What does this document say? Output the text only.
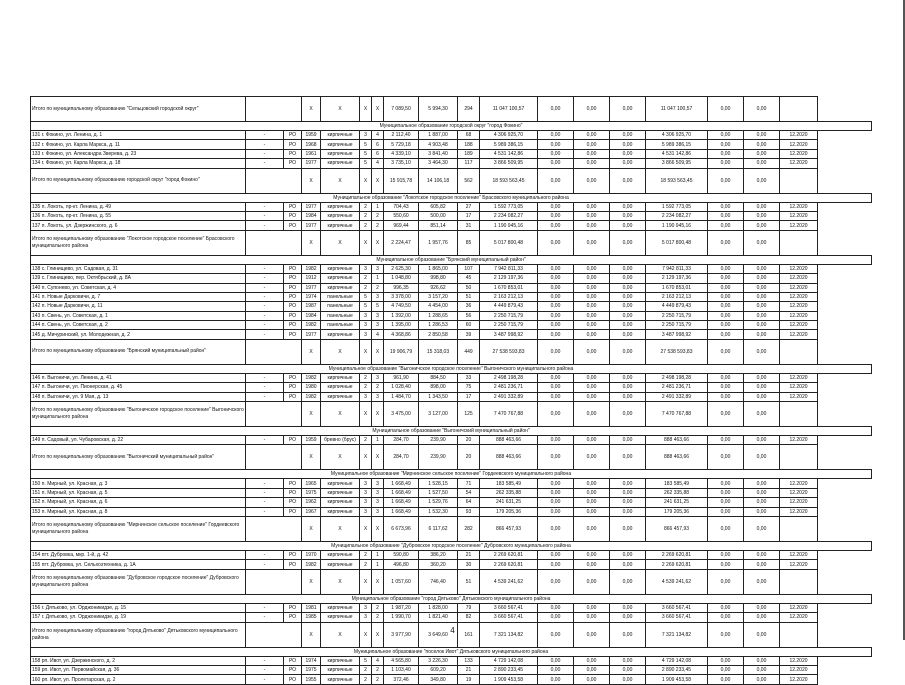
Итого по муниципальному образованию "Сельцовский городской округ"			X	X	X	X	7 089,50	5 994,30	294	11 047 100,57	0,00	0,00	0,00	11 047 100,57	0,00	0,00	
Муниципальное образование городской округ "город Фокино"																	
131 г. Фокино, ул. Ленина, д. 1	-	РО	1959	кирпичные	3	4	2 112,40	1 887,00	68	4 306 925,70	0,00	0,00	0,00	4 306 925,70	0,00	0,00	12.2020
132 г. Фокино, ул. Карла Маркса, д. 11	-	РО	1968	кирпичные	5	6	5 729,18	4 903,48	188	5 989 386,15	0,00	0,00	0,00	5 989 386,15	0,00	0,00	12.2020
133 г. Фокино, ул. Александра Зверева, д. 23	-	РО	1961	кирпичные	5	6	4 339,10	3 841,40	189	4 531 142,86	0,00	0,00	0,00	4 531 142,86	0,00	0,00	12.2020
134 г. Фокино, ул. Карла Маркса, д. 18	-	РО	1977	кирпичные	5	4	3 735,10	3 464,30	117	3 866 509,95	0,00	0,00	0,00	3 866 509,95	0,00	0,00	12.2020
Итого по муниципальному образованию городской округ "город Фокино"			X	X	X	X	15 915,78	14 106,18	562	18 593 563,45	0,00	0,00	0,00	18 593 563,45	0,00	0,00	
Муниципальное образование "Локотское городское поселение" Брасовского муниципального района																	
135 п. Локоть, пр-кт. Ленина, д. 49	-	РО	1977	кирпичные	2	1	704,43	605,82	27	1 592 773,05	0,00	0,00	0,00	1 592 773,05	0,00	0,00	12.2020
136 п. Локоть, пр-кт. Ленина, д. 55	-	РО	1984	кирпичные	2	2	550,60	500,00	17	2 234 082,27	0,00	0,00	0,00	2 234 082,27	0,00	0,00	12.2020
137 п. Локоть, ул. Дзержинского, д. 6	-	РО	1977	кирпичные	2	2	969,44	851,14	31	1 190 945,16	0,00	0,00	0,00	1 190 945,16	0,00	0,00	12.2020
Итого по муниципальному образованию "Локотское городское поселение" Брасовского муниципального района			X	X	X	X	2 224,47	1 957,76	85	5 017 800,48	0,00	0,00	0,00	5 017 800,48	0,00	0,00	
Муниципальное образование "Брянский муниципальный район"																	
138 с. Глинищево, ул. Садовая, д. 31	-	РО	1982	кирпичные	3	3	2 625,30	1 865,00	107	7 942 811,33	0,00	0,00	0,00	7 942 811,33	0,00	0,00	12.2020
139 с. Глинищево, пер. Октябрьский, д. 8А	-	РО	1912	кирпичные	2	1	1 048,80	998,80	45	2 129 197,36	0,00	0,00	0,00	2 129 197,36	0,00	0,00	12.2020
140 п. Супонево, ул. Советская, д. 4	-	РО	1977	кирпичные	2	2	996,35	926,62	50	1 670 853,01	0,00	0,00	0,00	1 670 853,01	0,00	0,00	12.2020
141 п. Новые Дарковичи, д. 7	-	РО	1974	панельные	5	3	3 378,00	3 157,20	51	2 163 212,13	0,00	0,00	0,00	2 163 212,13	0,00	0,00	12.2020
142 п. Новые Дарковичи, д. 11	-	РО	1987	панельные	5	5	4 749,50	4 454,00	36	4 449 879,43	0,00	0,00	0,00	4 449 879,43	0,00	0,00	12.2020
143 п. Свень, ул. Советская, д. 1	-	РО	1984	панельные	3	3	1 392,00	1 288,65	56	2 250 715,79	0,00	0,00	0,00	2 250 715,79	0,00	0,00	12.2020
144 п. Свень, ул. Советская, д. 2	-	РО	1982	панельные	3	3	1 395,00	1 286,53	60	2 250 715,79	0,00	0,00	0,00	2 250 715,79	0,00	0,00	12.2020
145 д. Мичуринский, ул. Молодежная, д. 2	-	РО	1977	кирпичные	3	4	4 368,86	2 850,58	39	3 487 998,92	0,00	0,00	0,00	3 487 998,92	0,00	0,00	12.2020
Итого по муниципальному образованию "Брянский муниципальный район"			X	X	X	X	19 906,79	15 318,03	449	27 538 593,83	0,00	0,00	0,00	27 538 593,83	0,00	0,00	
Муниципальное образование "Выгоничское городское поселение" Выгоничского муниципального района																	
146 п. Выгоничи, ул. Ленина, д. 41	-	РО	1982	кирпичные	2	3	961,90	884,50	33	2 498 198,28	0,00	0,00	0,00	2 498 198,28	0,00	0,00	12.2020
147 п. Выгоничи, ул. Пионерская, д. 45	-	РО	1980	кирпичные	2	2	1 028,40	898,00	75	2 481 236,71	0,00	0,00	0,00	2 481 236,71	0,00	0,00	12.2020
148 п. Выгоничи, ул. 9 Мая, д. 13	-	РО	1982	кирпичные	3	3	1 484,70	1 343,50	17	2 491 332,89	0,00	0,00	0,00	2 491 332,89	0,00	0,00	12.2020
Итого по муниципальному образованию "Выгоничское городское поселение" Выгоничского муниципального района			X	X	X	X	3 475,00	3 127,00	125	7 470 767,88	0,00	0,00	0,00	7 470 767,88	0,00	0,00	
Муниципальное образование "Выгоничский муниципальный район"																	
149 п. Садовый, ул. Чубаровская, д. 22	-	РО	1959	бревно (брус)	2	1	284,70	239,90	20	888 463,66	0,00	0,00	0,00	888 463,66	0,00	0,00	12.2020
Итого по муниципальному образованию "Выгоничский муниципальный район"			X	X	X	X	284,70	239,90	20	888 463,66	0,00	0,00	0,00	888 463,66	0,00	0,00	
Муниципальное образование "Мирнинское сельское поселение" Гордеевского муниципального района																	
150 п. Мирный, ул. Красная, д. 3	-	РО	1965	кирпичные	3	3	1 668,49	1 528,15	71	183 585,49	0,00	0,00	0,00	183 585,49	0,00	0,00	12.2020
151 п. Мирный, ул. Красная, д. 5	-	РО	1975	кирпичные	3	3	1 668,49	1 527,50	54	262 335,88	0,00	0,00	0,00	262 335,88	0,00	0,00	12.2020
152 п. Мирный, ул. Красная, д. 6	-	РО	1962	кирпичные	3	3	1 668,49	1 529,76	64	241 631,25	0,00	0,00	0,00	241 631,25	0,00	0,00	12.2020
153 п. Мирный, ул. Красная, д. 8	-	РО	1967	кирпичные	3	3	1 668,49	1 532,30	93	179 205,36	0,00	0,00	0,00	179 205,36	0,00	0,00	12.2020
Итого по муниципальному образованию "Мирнинское сельское поселение" Гордеевского муниципального района			X	X	X	X	6 673,96	6 117,62	282	866 457,93	0,00	0,00	0,00	866 457,93	0,00	0,00	
Муниципальное образование "Дубровское городское поселение" Дубровского муниципального района																	
154 пгт. Дубровка, мкр. 1-й, д. 42	-	РО	1970	кирпичные	2	1	590,80	386,20	21	2 269 620,81	0,00	0,00	0,00	2 269 620,81	0,00	0,00	12.2020
155 пгт. Дубровка, ул. Сельхозтехника, д. 1А	-	РО	1982	кирпичные	2	1	496,80	360,20	30	2 269 620,81	0,00	0,00	0,00	2 269 620,81	0,00	0,00	12.2020
Итого по муниципальному образованию "Дубровское городское поселение" Дубровского муниципального района			X	X	X	X	1 057,60	746,40	51	4 539 241,62	0,00	0,00	0,00	4 539 241,62	0,00	0,00	
Муниципальное образование "город Дятьково" Дятьковского муниципального района																	
156 г. Дятьково, ул. Орджоникидзе, д. 15	-	РО	1981	кирпичные	3	2	1 987,20	1 828,00	79	3 660 567,41	0,00	0,00	0,00	3 660 567,41	0,00	0,00	12.2020
157 г. Дятьково, ул. Орджоникидзе, д. 19	-	РО	1985	кирпичные	3	2	1 990,70	1 821,40	82	3 660 567,41	0,00	0,00	0,00	3 660 567,41	0,00	0,00	12.2020
Итого по муниципальному образованию "город Дятьково" Дятьковского муниципального района			X	X	X	X	3 977,90	3 649,60	161	7 321 134,82	0,00	0,00	0,00	7 321 134,82	0,00	0,00	
Муниципальное образование "поселок Ивот" Дятьковского муниципального района																	
158 рп. Ивот, ул. Дзержинского, д. 2	-	РО	1974	кирпичные	5	4	4 565,80	3 226,30	133	4 729 142,08	0,00	0,00	0,00	4 729 142,08	0,00	0,00	12.2020
159 рп. Ивот, ул. Первомайская, д. 36	-	РО	1975	кирпичные	2	2	1 103,40	609,20	21	2 890 233,45	0,00	0,00	0,00	2 890 233,45	0,00	0,00	12.2020
160 рп. Ивот, ул. Пролетарская, д. 2	-	РО	1955	кирпичные	2	2	372,46	349,80	19	1 909 453,58	0,00	0,00	0,00	1 909 453,58	0,00	0,00	12.2020
4
